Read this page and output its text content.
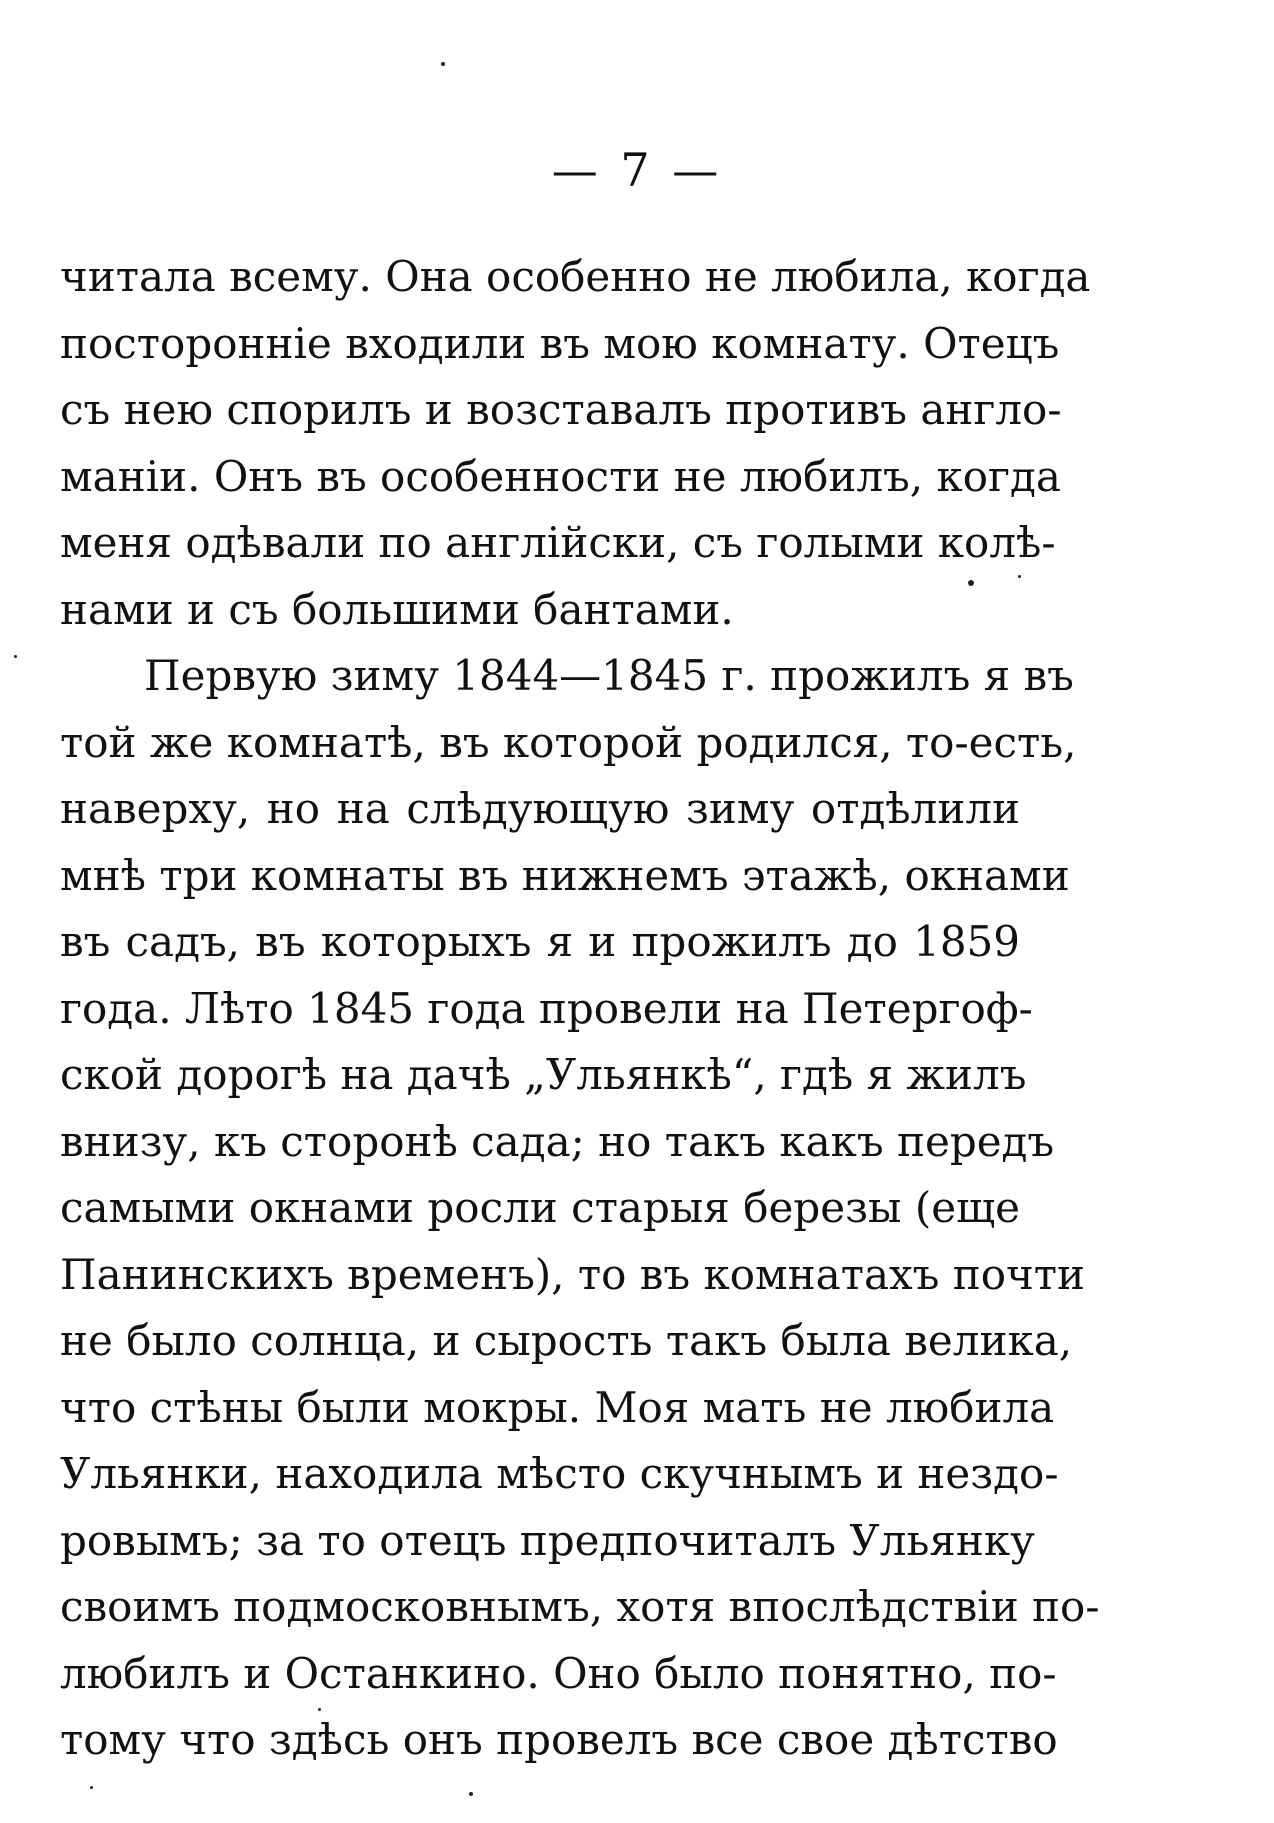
— 7 —
читала всему. Она особенно не любила, когда
посторонніе входили въ мою комнату. Отецъ
съ нею спорилъ и возставалъ противъ англо-
маніи. Онъ въ особенности не любилъ, когда
меня одѣвали по англійски, съ голыми колѣ-
нами и съ большими бантами.
Первую зиму 1844—1845 г. прожилъ я въ
той же комнатѣ, въ которой родился, то-есть,
наверху, но на слѣдующую зиму отдѣлили
мнѣ три комнаты въ нижнемъ этажѣ, окнами
въ садъ, въ которыхъ я и прожилъ до 1859
года. Лѣто 1845 года провели на Петергоф-
ской дорогѣ на дачѣ „Ульянкѣ“, гдѣ я жилъ
внизу, къ сторонѣ сада; но такъ какъ передъ
самыми окнами росли старыя березы (еще
Панинскихъ временъ), то въ комнатахъ почти
не было солнца, и сырость такъ была велика,
что стѣны были мокры. Моя мать не любила
Ульянки, находила мѣсто скучнымъ и нездо-
ровымъ; за то отецъ предпочиталъ Ульянку
своимъ подмосковнымъ, хотя впослѣдствіи по-
любилъ и Останкино. Оно было понятно, по-
тому что здѣсь онъ провелъ все свое дѣтство
